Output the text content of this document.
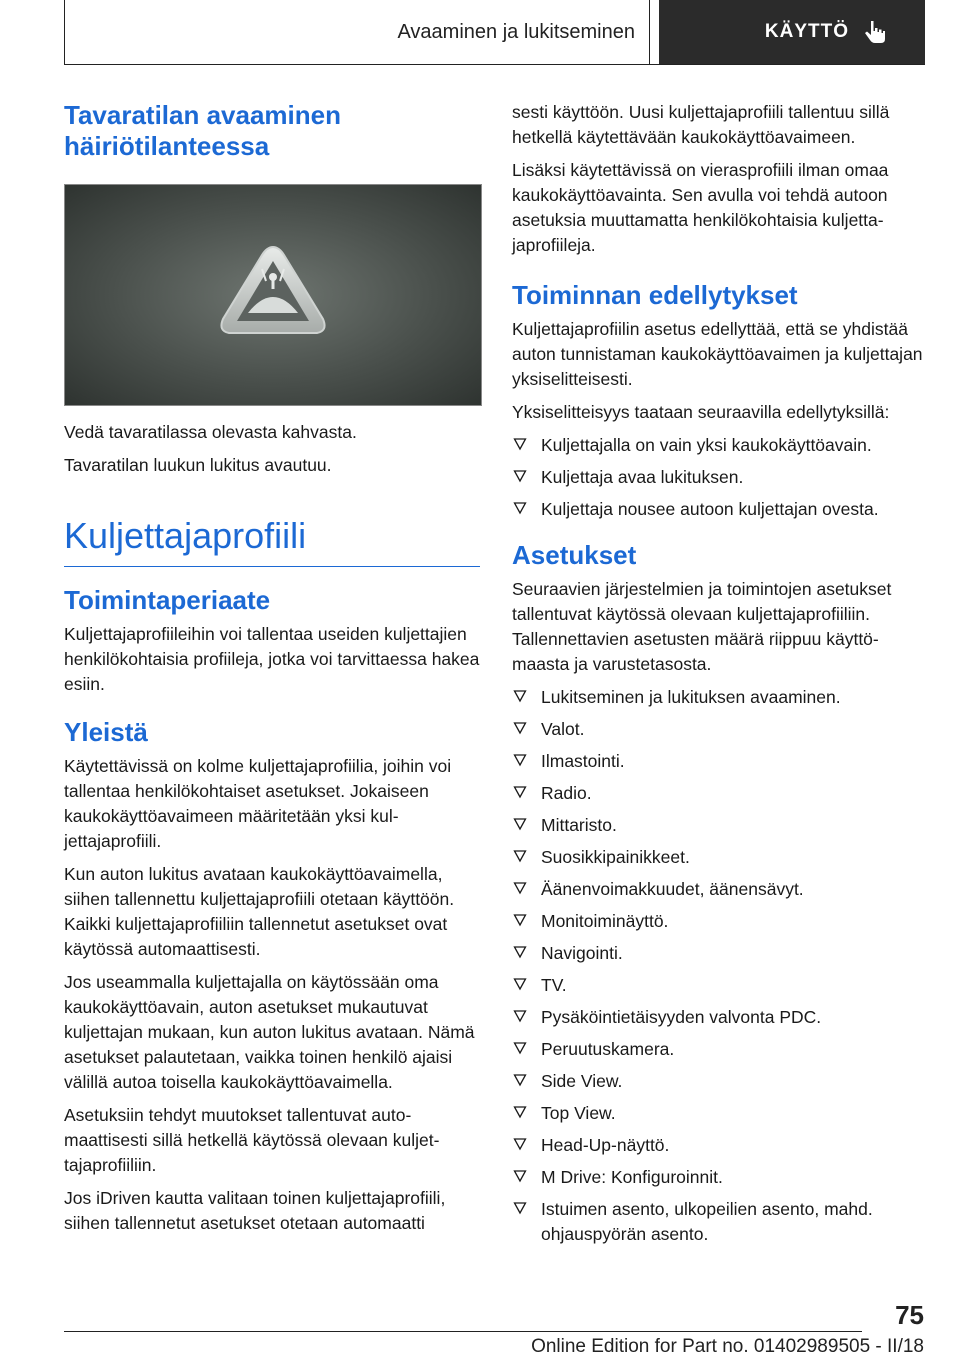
Avaaminen ja lukitseminen	KÄYTTÖ
Tavaratilan avaaminen häiriötilanteessa

Vedä tavaratilassa olevasta kahvasta.

Tavaratilan luukun lukitus avautuu.

Kuljettajaprofiili
Toimintaperiaate

Kuljettajaprofiileihin voi tallentaa useiden kuljettajien henkilökohtaisia profiileja, jotka voi tarvittaessa hakea esiin.

Yleistä

Käytettävissä on kolme kuljettajaprofiilia, joihin voi tallentaa henkilökohtaiset asetukset. Jokaiseen kaukokäyttöavaimeen määritetään yksi kuljettajaprofiili.

Kun auton lukitus avataan kaukokäyttöavaimella, siihen tallennettu kuljettajaprofiili otetaan käyttöön. Kaikki kuljettajaprofiiliin tallennetut asetukset ovat käytössä automaattisesti.

Jos useammalla kuljettajalla on käytössään oma kaukokäyttöavain, auton asetukset mukautuvat kuljettajan mukaan, kun auton lukitus avataan. Nämä asetukset palautetaan, vaikka toinen henkilö ajaisi välillä autoa toisella kaukokäyttöavaimella.

Asetuksiin tehdyt muutokset tallentuvat automaattisesti sillä hetkellä käytössä olevaan kuljettajaprofiiliin.

Jos iDriven kautta valitaan toinen kuljettajaprofiili, siihen tallennetut asetukset otetaan automaatti

sesti käyttöön. Uusi kuljettajaprofiili tallentuu sillä hetkellä käytettävään kaukokäyttöavaimeen.

Lisäksi käytettävissä on vierasprofiili ilman omaa kaukokäyttöavainta. Sen avulla voi tehdä autoon asetuksia muuttamatta henkilökohtaisia kuljettajaprofiileja.

Toiminnan edellytykset

Kuljettajaprofiilin asetus edellyttää, että se yhdistää auton tunnistaman kaukokäyttöavaimen ja kuljettajan yksiselitteisesti.

Yksiselitteisyys taataan seuraavilla edellytyksillä:

Kuljettajalla on vain yksi kaukokäyttöavain.
Kuljettaja avaa lukituksen.
Kuljettaja nousee autoon kuljettajan ovesta.
Asetukset

Seuraavien järjestelmien ja toimintojen asetukset tallentuvat käytössä olevaan kuljettajaprofiiliin. Tallennettavien asetusten määrä riippuu käyttömaasta ja varustetasosta.

Lukitseminen ja lukituksen avaaminen.
Valot.
Ilmastointi.
Radio.
Mittaristo.
Suosikkipainikkeet.
Äänenvoimakkuudet, äänensävyt.
Monitoiminäyttö.
Navigointi.
TV.
Pysäköintietäisyyden valvonta PDC.
Peruutuskamera.
Side View.
Top View.
Head-Up-näyttö.
M Drive: Konfiguroinnit.
Istuimen asento, ulkopeilien asento, mahd. ohjauspyörän asento.
75
Online Edition for Part no. 01402989505 - II/18
